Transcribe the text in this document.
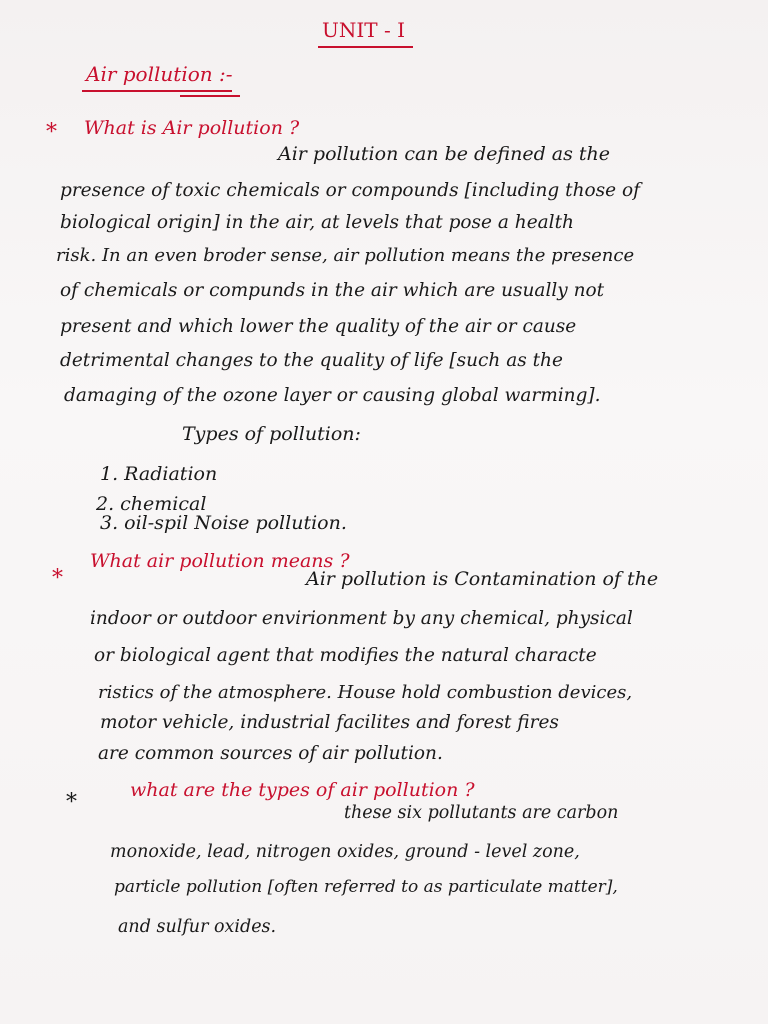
UNIT - I
Air pollution :-
* What is Air pollution ?
Air pollution can be defined as the
presence of toxic chemicals or compounds [including those of
biological origin] in the air, at levels that pose a health
risk. In an even broder sense, air pollution means the presence
of chemicals or compunds in the air which are usually not
present and which lower the quality of the air or cause
detrimental changes to the quality of life [such as the
damaging of the ozone layer or causing global warming].
Types of pollution:
1. Radiation
2. chemical
3. oil-spil Noise pollution.
*
What air pollution means ?
Air pollution is Contamination of the
indoor or outdoor envirionment by any chemical, physical
or biological agent that modifies the natural characte
ristics of the atmosphere. House hold combustion devices,
motor vehicle, industrial facilites and forest fires
are common sources of air pollution.
*	what are the types of air pollution ?
these six pollutants are carbon
monoxide, lead, nitrogen oxides, ground - level zone,
particle pollution [often referred to as particulate matter],
and sulfur oxides.
